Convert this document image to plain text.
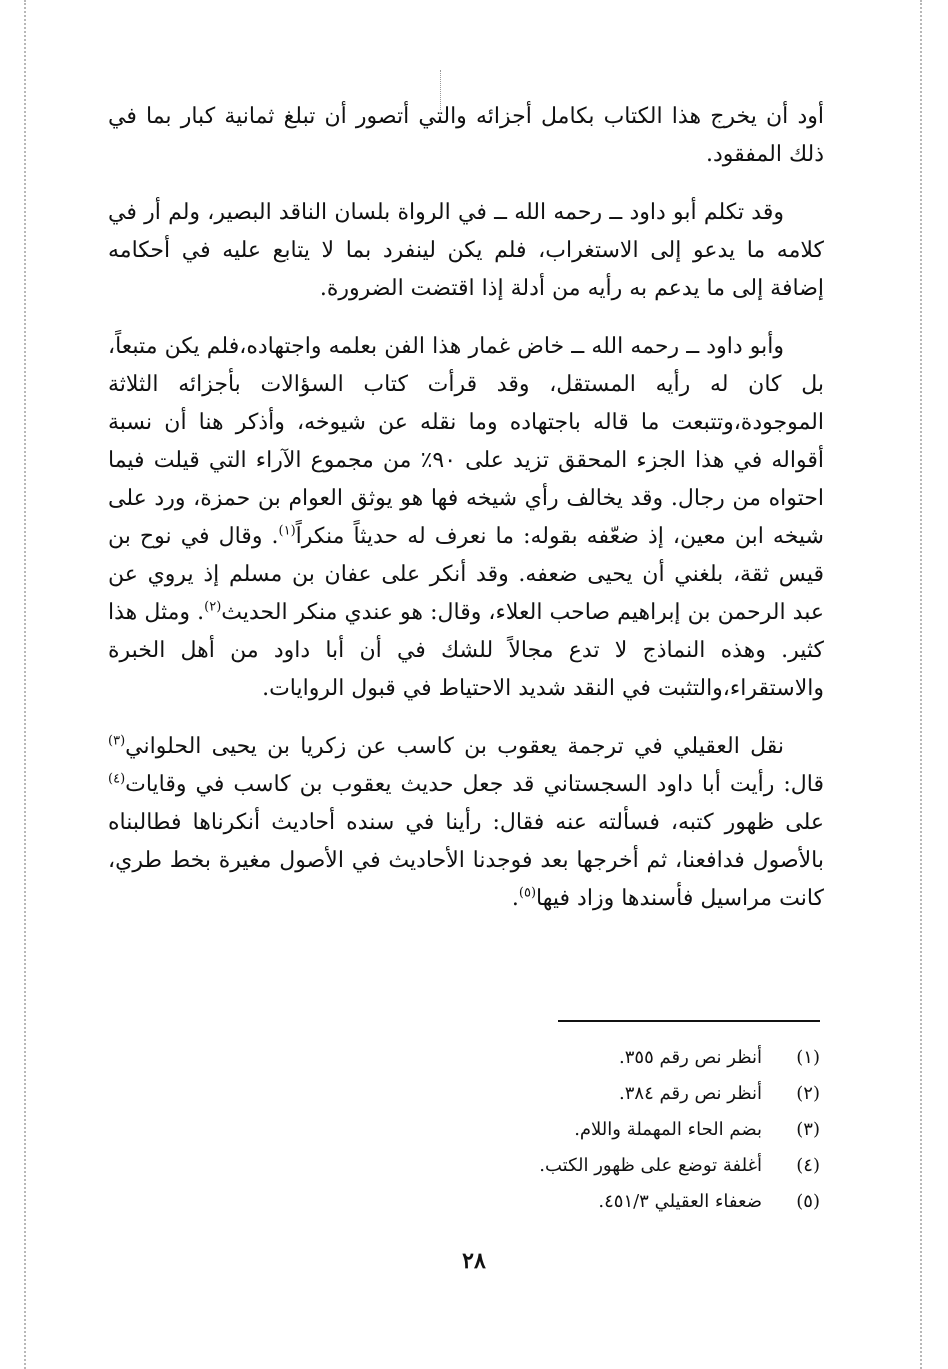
أود أن يخرج هذا الكتاب بكامل أجزائه والتي أتصور أن تبلغ ثمانية كبار بما في ذلك المفقود.

وقد تكلم أبو داود ــ رحمه الله ــ في الرواة بلسان الناقد البصير، ولم أر في كلامه ما يدعو إلى الاستغراب، فلم يكن لينفرد بما لا يتابع عليه في أحكامه إضافة إلى ما يدعم به رأيه من أدلة إذا اقتضت الضرورة.

وأبو داود ــ رحمه الله ــ خاض غمار هذا الفن بعلمه واجتهاده،فلم يكن متبعاً، بل كان له رأيه المستقل، وقد قرأت كتاب السؤالات بأجزائه الثلاثة الموجودة،وتتبعت ما قاله باجتهاده وما نقله عن شيوخه، وأذكر هنا أن نسبة أقواله في هذا الجزء المحقق تزيد على ٩٠٪ من مجموع الآراء التي قيلت فيما احتواه من رجال. وقد يخالف رأي شيخه فها هو يوثق العوام بن حمزة، ورد على شيخه ابن معين، إذ ضعّفه بقوله: ما نعرف له حديثاً منكراً$^{(١)}$. وقال في نوح بن قيس ثقة، بلغني أن يحيى ضعفه. وقد أنكر على عفان بن مسلم إذ يروي عن عبد الرحمن بن إبراهيم صاحب العلاء، وقال: هو عندي منكر الحديث$^{(٢)}$. ومثل هذا كثير. وهذه النماذج لا تدع مجالاً للشك في أن أبا داود من أهل الخبرة والاستقراء،والتثبت في النقد شديد الاحتياط في قبول الروايات.

نقل العقيلي في ترجمة يعقوب بن كاسب عن زكريا بن يحيى الحلواني$^{(٣)}$ قال: رأيت أبا داود السجستاني قد جعل حديث يعقوب بن كاسب في وقايات$^{(٤)}$ على ظهور كتبه، فسألته عنه فقال: رأينا في سنده أحاديث أنكرناها فطالبناه بالأصول فدافعنا، ثم أخرجها بعد فوجدنا الأحاديث في الأصول مغيرة بخط طري، كانت مراسيل فأسندها وزاد فيها$^{(٥)}$.

(١)
أنظر نص رقم ٣٥٥.
(٢)
أنظر نص رقم ٣٨٤.
(٣)
بضم الحاء المهملة واللام.
(٤)
أغلفة توضع على ظهور الكتب.
(٥)
ضعفاء العقيلي ٤٥١/٣.
٢٨
